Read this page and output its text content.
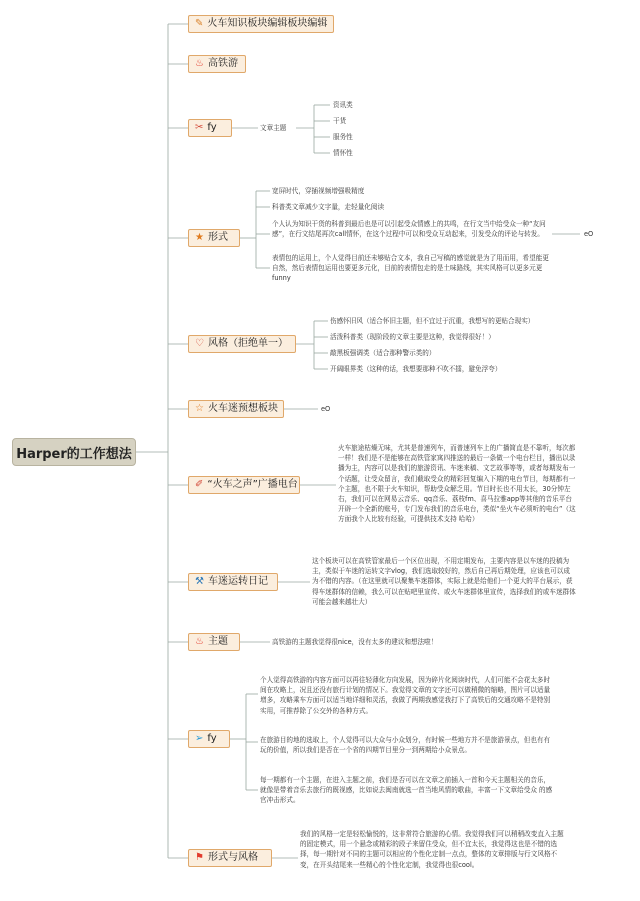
Harper的工作想法
✎ 火车知识板块编辑板块编辑
♨ 高铁游
✂ fy	文章主题
资讯类
干货
服务性
情怀性
★ 形式
宽屏时代，穿插视频增强吸精度
科普类文章减少文字量，走轻量化阅读
个人认为知识干货的科普到最后也是可以引起受众情感上的共鸣，在行文当中给受众一种“友问感”，在行文结尾再次call情怀，在这个过程中可以和受众互动起来，引发受众的评论与转发。
表情包的运用上，个人觉得目前还未够贴合文本，我自己写稿的感觉就是为了用而用，希望能更自然，然后表情包运用也要更多元化，目前的表情包走的是土味路线，其实风格可以更多元更funny
eO
♡ 风格（拒绝单一）
伤感怀旧风（适合怀旧主题，但不宜过于沉重，我想写的更贴合现实）
活泼科普类（现阶段的文章主要是这种，我觉得很好！）
敲黑板强调类（适合那种警示类的）
开阔眼界类（这种的话，我想要那种不吹不擂，避免浮夸）
☆ 火车迷预想板块	eO
✐ “火车之声”广播电台
火车旅途枯燥无味，尤其是普速列车，而普速列车上的广播简直是不靠听，每次都一样！我们是不是能够在高铁管家寓四推送的最后一条做一个电台栏目，播出以录播为主，内容可以是我们的旅游资讯、车迷来稿、文艺故事等等，或者每期发布一个话题，让受众留言，我们截取受众的精彩回复编入下期的电台节目，每期都有一个主题，也不限于火车知识，帮助受众解乏用。节目时长也不用太长，30分钟左右，我们可以在网易云音乐、qq音乐、荔枝fm、喜马拉雅app等其他的音乐平台开辟一个全新的账号，专门发布我们的音乐电台，类似“坐火车必须听的电台”（这方面我个人比较有经验，可提供技术支持 哈哈）
⚒ 车迷运转日记
这个板块可以在高铁管家最后一个区位出现，不用定期发布，主要内容是以车迷的投稿为主，类似于车迷的运转文字vlog，我们选取较好的，然后自己再后期处理，应该也可以成为不错的内容。（在这里就可以聚集车迷群体，实际上就是给他们一个更大的平台展示，获得车迷群体的信赖，我么可以在贴吧里宣传、或火车迷群体里宣传，选择我们的或车迷群体可能会越来越壮大）
♨ 主题	高铁游的主题我觉得很nice，没有太多的建议和想法啦！
➢ fy
个人觉得高铁游的内容方面可以再往轻薄化方向发展，因为碎片化阅读时代，人们可能不会花太多时间在攻略上，况且还没有旅行计划的情况下。我觉得文章的文字还可以做稍微的缩略，图片可以适量增多，攻略乘车方面可以适当地详细和灵活，我做了两期我感觉我打下了高铁后的交通攻略不是特别实用，可推荐除了公交外的各种方式。
在旅游目的地的选取上，个人觉得可以大众与小众划分，有时候一些地方并不是旅游景点，但也有有玩的价值，所以我们是否在一个省的四期节目里分一到两期给小众景点。
每一期都有一个主题，在进入主题之前，我们是否可以在文章之前插入一首和今天主题相关的音乐，就像是带着音乐去旅行的既视感，比如说去闽南就选一首当地风情的歌曲，丰富一下文章给受众 的感官冲击形式。
⚑ 形式与风格
我们的风格一定是轻松愉悦的，这非常符合旅游的心情。我觉得我们可以稍稍改变直入主题的固定模式，用一个悬念或精彩的段子来留住受众，但不宜太长，我觉得这也是不错的选择，每一期针对不同的主题可以相应的个性化定制一点点，整体的文章排版与行文风格不变，在开头结尾来一些精心的个性化定制，我觉得也很cool。
